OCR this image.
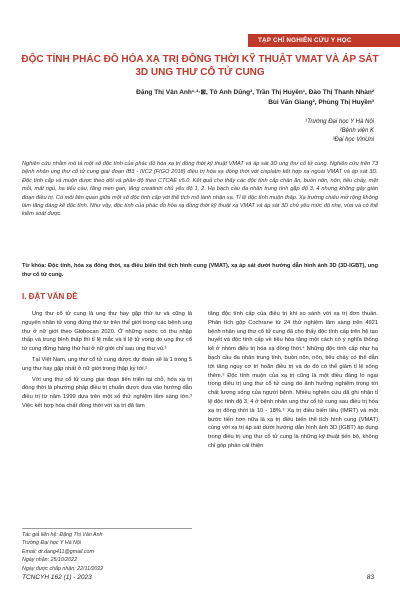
TẠP CHÍ NGHIÊN CỨU Y HỌC
ĐỘC TÍNH PHÁC ĐỒ HÓA XẠ TRỊ ĐỒNG THỜI KỸ THUẬT VMAT VÀ ÁP SÁT 3D UNG THƯ CỔ TỬ CUNG
Đặng Thị Vân Anh¹·²·⊠, Tô Anh Dũng², Trần Thị Huyền¹, Đào Thị Thanh Nhàn²
Bùi Văn Giang², Phùng Thị Huyền³
¹Trường Đại học Y Hà Nội
²Bệnh viện K
³Đại học VinUni

Nghiên cứu nhằm mô tả một số độc tính của phác đồ hóa xạ trị đồng thời kỹ thuật VMAT và áp sát 3D ung thư cổ tử cung. Nghiên cứu trên 73 bệnh nhân ung thư cổ tử cung giai đoạn IB3 - IIIC2 (FIGO 2018) điều trị hóa xạ đồng thời với cisplatin kết hợp xạ ngoài VMAT và áp sát 3D. Độc tính cấp và muộn được theo dõi và phân độ theo CTCAE v5.0. Kết quả cho thấy các độc tính cấp chân ăn, buồn nôn, nôn, tiêu chảy, mệt mỏi, mất ngủ, hạ tiểu cầu, tăng men gan, tăng creatinin chủ yếu độ 1, 2. Hạ bạch cầu đa nhân trung tính gặp độ 3, 4 nhưng không gây gián đoạn điều trị. Có mối liên quan giữa một số độc tính cấp với thể tích mô lành nhận xạ. Tỉ lệ độc tính muộn thấp. Xạ trường chiếu mở rộng không làm tăng đáng kể độc tính. Như vậy, độc tính của phác đồ hóa xạ đồng thời kỹ thuật xạ VMAT và áp sát 3D chủ yếu mức độ nhẹ, vừa và có thể kiểm soát được.

Từ khóa: Độc tính, hóa xạ đồng thời, xạ điều biến thể tích hình cung (VMAT), xạ áp sát dưới hướng dẫn hình ảnh 3D (3D-IGBT), ung thư cổ tử cung.

I. ĐẶT VẤN ĐỀ

Ung thư cổ tử cung là ung thư hay gặp thứ tư và cũng là nguyên nhân tử vong đứng thứ tư trên thế giới trong các bệnh ung thư ở nữ giới theo Globocan 2020. Ở những nước có thu nhập thấp và trung bình thấp thì tỉ lệ mắc và tỉ lệ tử vong do ung thư cổ tử cung đứng hàng thứ hai ở nữ giới chỉ sau ung thư vú.¹

Tại Việt Nam, ung thư cổ tử cung được dự đoán sẽ là 1 trong 5 ung thư hay gặp nhất ở nữ giới trong thập kỷ tới.²

Với ung thư cổ tử cung giai đoạn tiến triển tại chỗ, hóa xạ trị đồng thời là phương pháp điều trị chuẩn được đưa vào hướng dẫn điều trị từ năm 1999 dựa trên một số thử nghiệm lâm sàng lớn.³ Việc kết hợp hóa chất đồng thời với xạ trị đã làm

tăng độc tính cấp của điều trị khi so sánh với xạ trị đơn thuần. Phân tích gộp Cochrane từ 24 thử nghiệm lâm sàng trên 4921 bệnh nhân ung thư cổ tử cung đã cho thấy độc tính cấp trên hệ tạo huyết và độc tính cấp về tiêu hóa tăng một cách có ý nghĩa thống kê ở nhóm điều trị hóa xạ đồng thời.⁴ Những độc tính cấp như hạ bạch cầu đa nhân trung tính, buồn nôn, nôn, tiêu chảy có thể dẫn tới tăng nguy cơ trì hoãn điều trị và do đó có thể giảm tỉ lệ sống thêm.⁵ Độc tính muộn của xạ trị cũng là một điều đáng lo ngại trong điều trị ung thư cổ tử cung do ảnh hưởng nghiêm trọng tới chất lượng sống của người bệnh. Nhiều nghiên cứu đã ghi nhận tỉ lệ độc tính độ 3, 4 ở bệnh nhân ung thư cổ tử cung sau điều trị hóa xạ trị đồng thời là 10 - 18%.⁶ Xạ trị điều biến liều (IMRT) và một bước tiến hơn nữa là xạ trị điều biến thể tích hình cung (VMAT) cùng với xạ trị áp sát dưới hướng dẫn hình ảnh 3D (IGBT) áp dụng trong điều trị ung thư cổ tử cung là những kỹ thuật tiến bộ, không chỉ góp phần cải thiện

Tác giả liên hệ: Đặng Thị Vân Anh
Trường Đại học Y Hà Nội
Email: dr.dang411@gmail.com
Ngày nhận: 25/10/2022
Ngày được chấp nhận: 22/11/2022
TCNCYH 162 (1) - 2023	83
